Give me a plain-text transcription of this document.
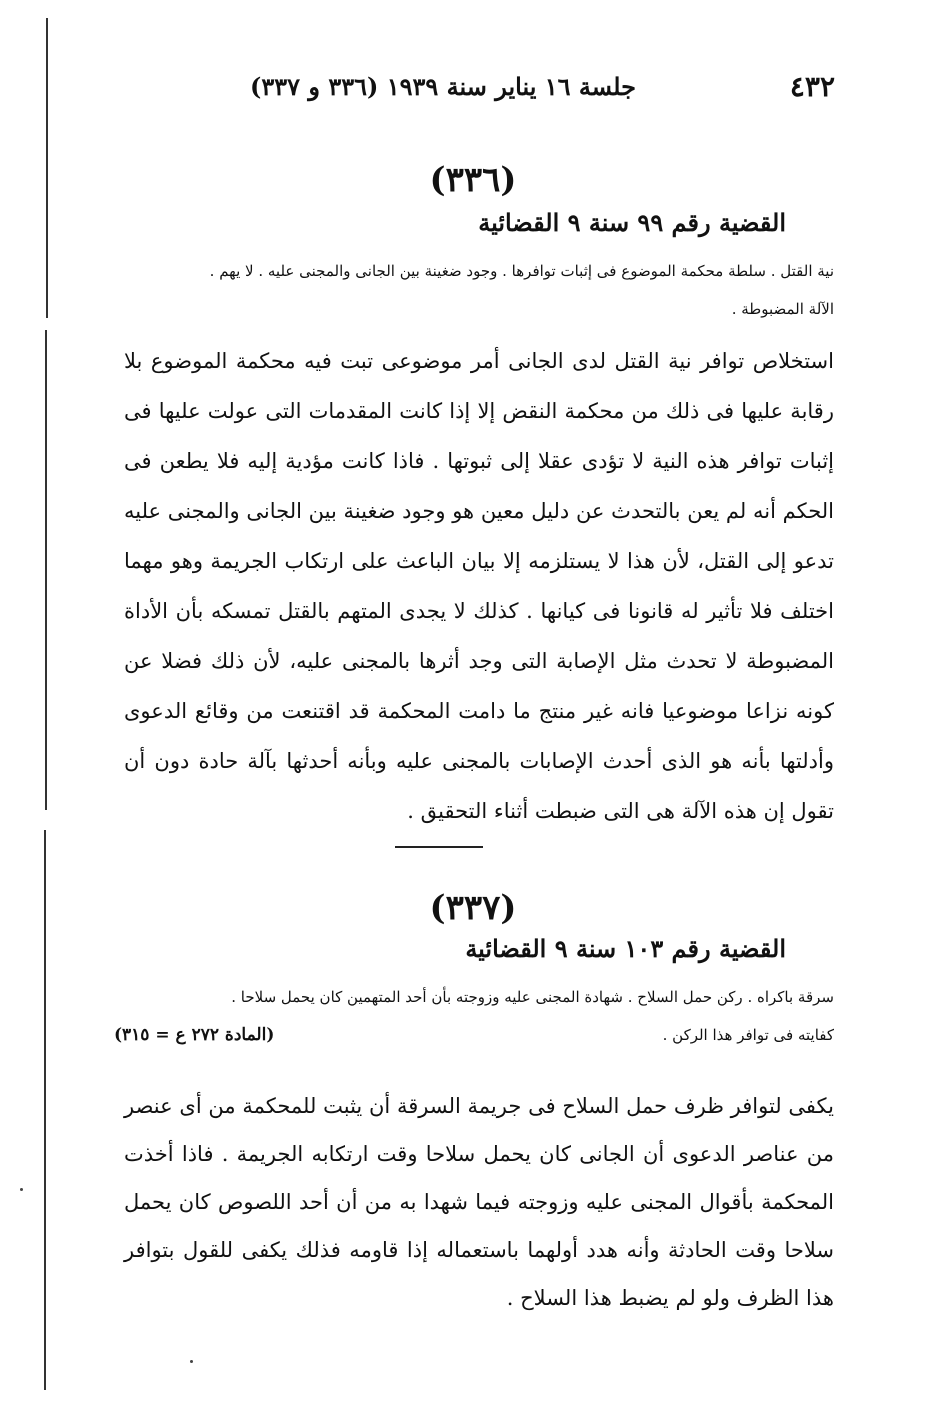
٤٣٢
جلسة ١٦ يناير سنة ١٩٣٩ (٣٣٦ و ٣٣٧)
(٣٣٦)
القضية رقم ٩٩ سنة ٩ القضائية
نية القتل . سلطة محكمة الموضوع فى إثبات توافرها . وجود ضغينة بين الجانى والمجنى عليه . لا يهم .
الآلة المضبوطة .

استخلاص توافر نية القتل لدى الجانى أمر موضوعى تبت فيه محكمة الموضوع بلا رقابة عليها فى ذلك من محكمة النقض إلا إذا كانت المقدمات التى عولت عليها فى إثبات توافر هذه النية لا تؤدى عقلا إلى ثبوتها . فاذا كانت مؤدية إليه فلا يطعن فى الحكم أنه لم يعن بالتحدث عن دليل معين هو وجود ضغينة بين الجانى والمجنى عليه تدعو إلى القتل، لأن هذا لا يستلزمه إلا بيان الباعث على ارتكاب الجريمة وهو مهما اختلف فلا تأثير له قانونا فى كيانها . كذلك لا يجدى المتهم بالقتل تمسكه بأن الأداة المضبوطة لا تحدث مثل الإصابة التى وجد أثرها بالمجنى عليه، لأن ذلك فضلا عن كونه نزاعا موضوعيا فانه غير منتج ما دامت المحكمة قد اقتنعت من وقائع الدعوى وأدلتها بأنه هو الذى أحدث الإصابات بالمجنى عليه وبأنه أحدثها بآلة حادة دون أن تقول إن هذه الآلة هى التى ضبطت أثناء التحقيق .

(٣٣٧)
القضية رقم ١٠٣ سنة ٩ القضائية
سرقة باكراه . ركن حمل السلاح . شهادة المجنى عليه وزوجته بأن أحد المتهمين كان يحمل سلاحا .
كفايته فى توافر هذا الركن .
(المادة ٢٧٢ ع = ٣١٥)

يكفى لتوافر ظرف حمل السلاح فى جريمة السرقة أن يثبت للمحكمة من أى عنصر من عناصر الدعوى أن الجانى كان يحمل سلاحا وقت ارتكابه الجريمة . فاذا أخذت المحكمة بأقوال المجنى عليه وزوجته فيما شهدا به من أن أحد اللصوص كان يحمل سلاحا وقت الحادثة وأنه هدد أولهما باستعماله إذا قاومه فذلك يكفى للقول بتوافر هذا الظرف ولو لم يضبط هذا السلاح .
